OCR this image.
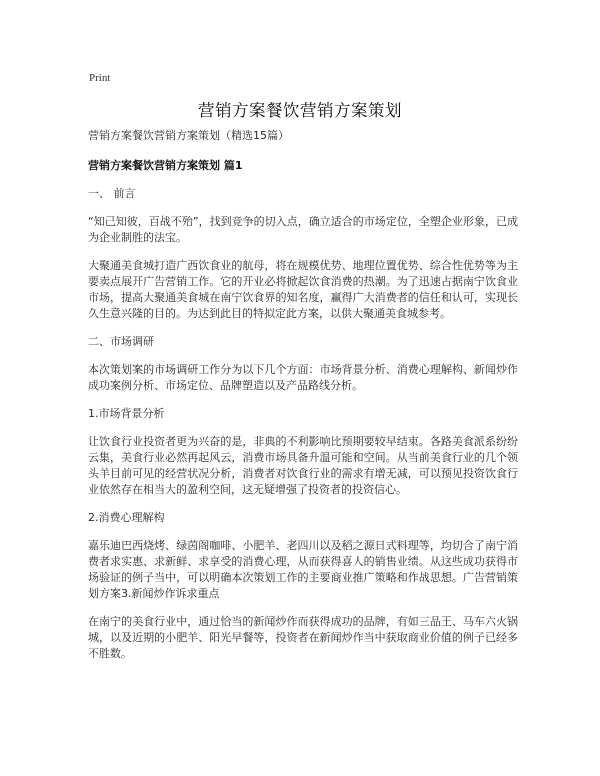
Print
营销方案餐饮营销方案策划

营销方案餐饮营销方案策划（精选15篇）

营销方案餐饮营销方案策划 篇1

一、 前言

“知己知彼，百战不殆”，找到竞争的切入点，确立适合的市场定位，全塑企业形象，已成为企业制胜的法宝。

大聚通美食城打造广西饮食业的航母，将在规模优势、地理位置优势、综合性优势等为主要卖点展开广告营销工作。它的开业必将掀起饮食消费的热潮。为了迅速占据南宁饮食业市场，提高大聚通美食城在南宁饮食界的知名度，赢得广大消费者的信任和认可，实现长久生意兴隆的目的。为达到此目的特拟定此方案，以供大聚通美食城参考。

二、市场调研

本次策划案的市场调研工作分为以下几个方面：市场背景分析、消费心理解构、新闻炒作成功案例分析、市场定位、品牌塑造以及产品路线分析。

1.市场背景分析

让饮食行业投资者更为兴奋的是，非典的不利影响比预期要较早结束。各路美食派系纷纷云集，美食行业必然再起风云，消费市场具备升温可能和空间。从当前美食行业的几个领头羊目前可见的经营状况分析，消费者对饮食行业的需求有增无减，可以预见投资饮食行业依然存在相当大的盈利空间，这无疑增强了投资者的投资信心。

2.消费心理解构

嘉乐迪巴西烧烤、绿茵阁咖啡、小肥羊、老四川以及稻之源日式料理等，均切合了南宁消费者求实惠、求新鲜、求享受的消费心理，从而获得喜人的销售业绩。从这些成功获得市场验证的例子当中，可以明确本次策划工作的主要商业推广策略和作战思想。广告营销策划方案3.新闻炒作诉求重点

在南宁的美食行业中，通过恰当的新闻炒作而获得成功的品牌，有如三品王、马车六火锅城，以及近期的小肥羊、阳光早餐等，投资者在新闻炒作当中获取商业价值的例子已经多不胜数。
